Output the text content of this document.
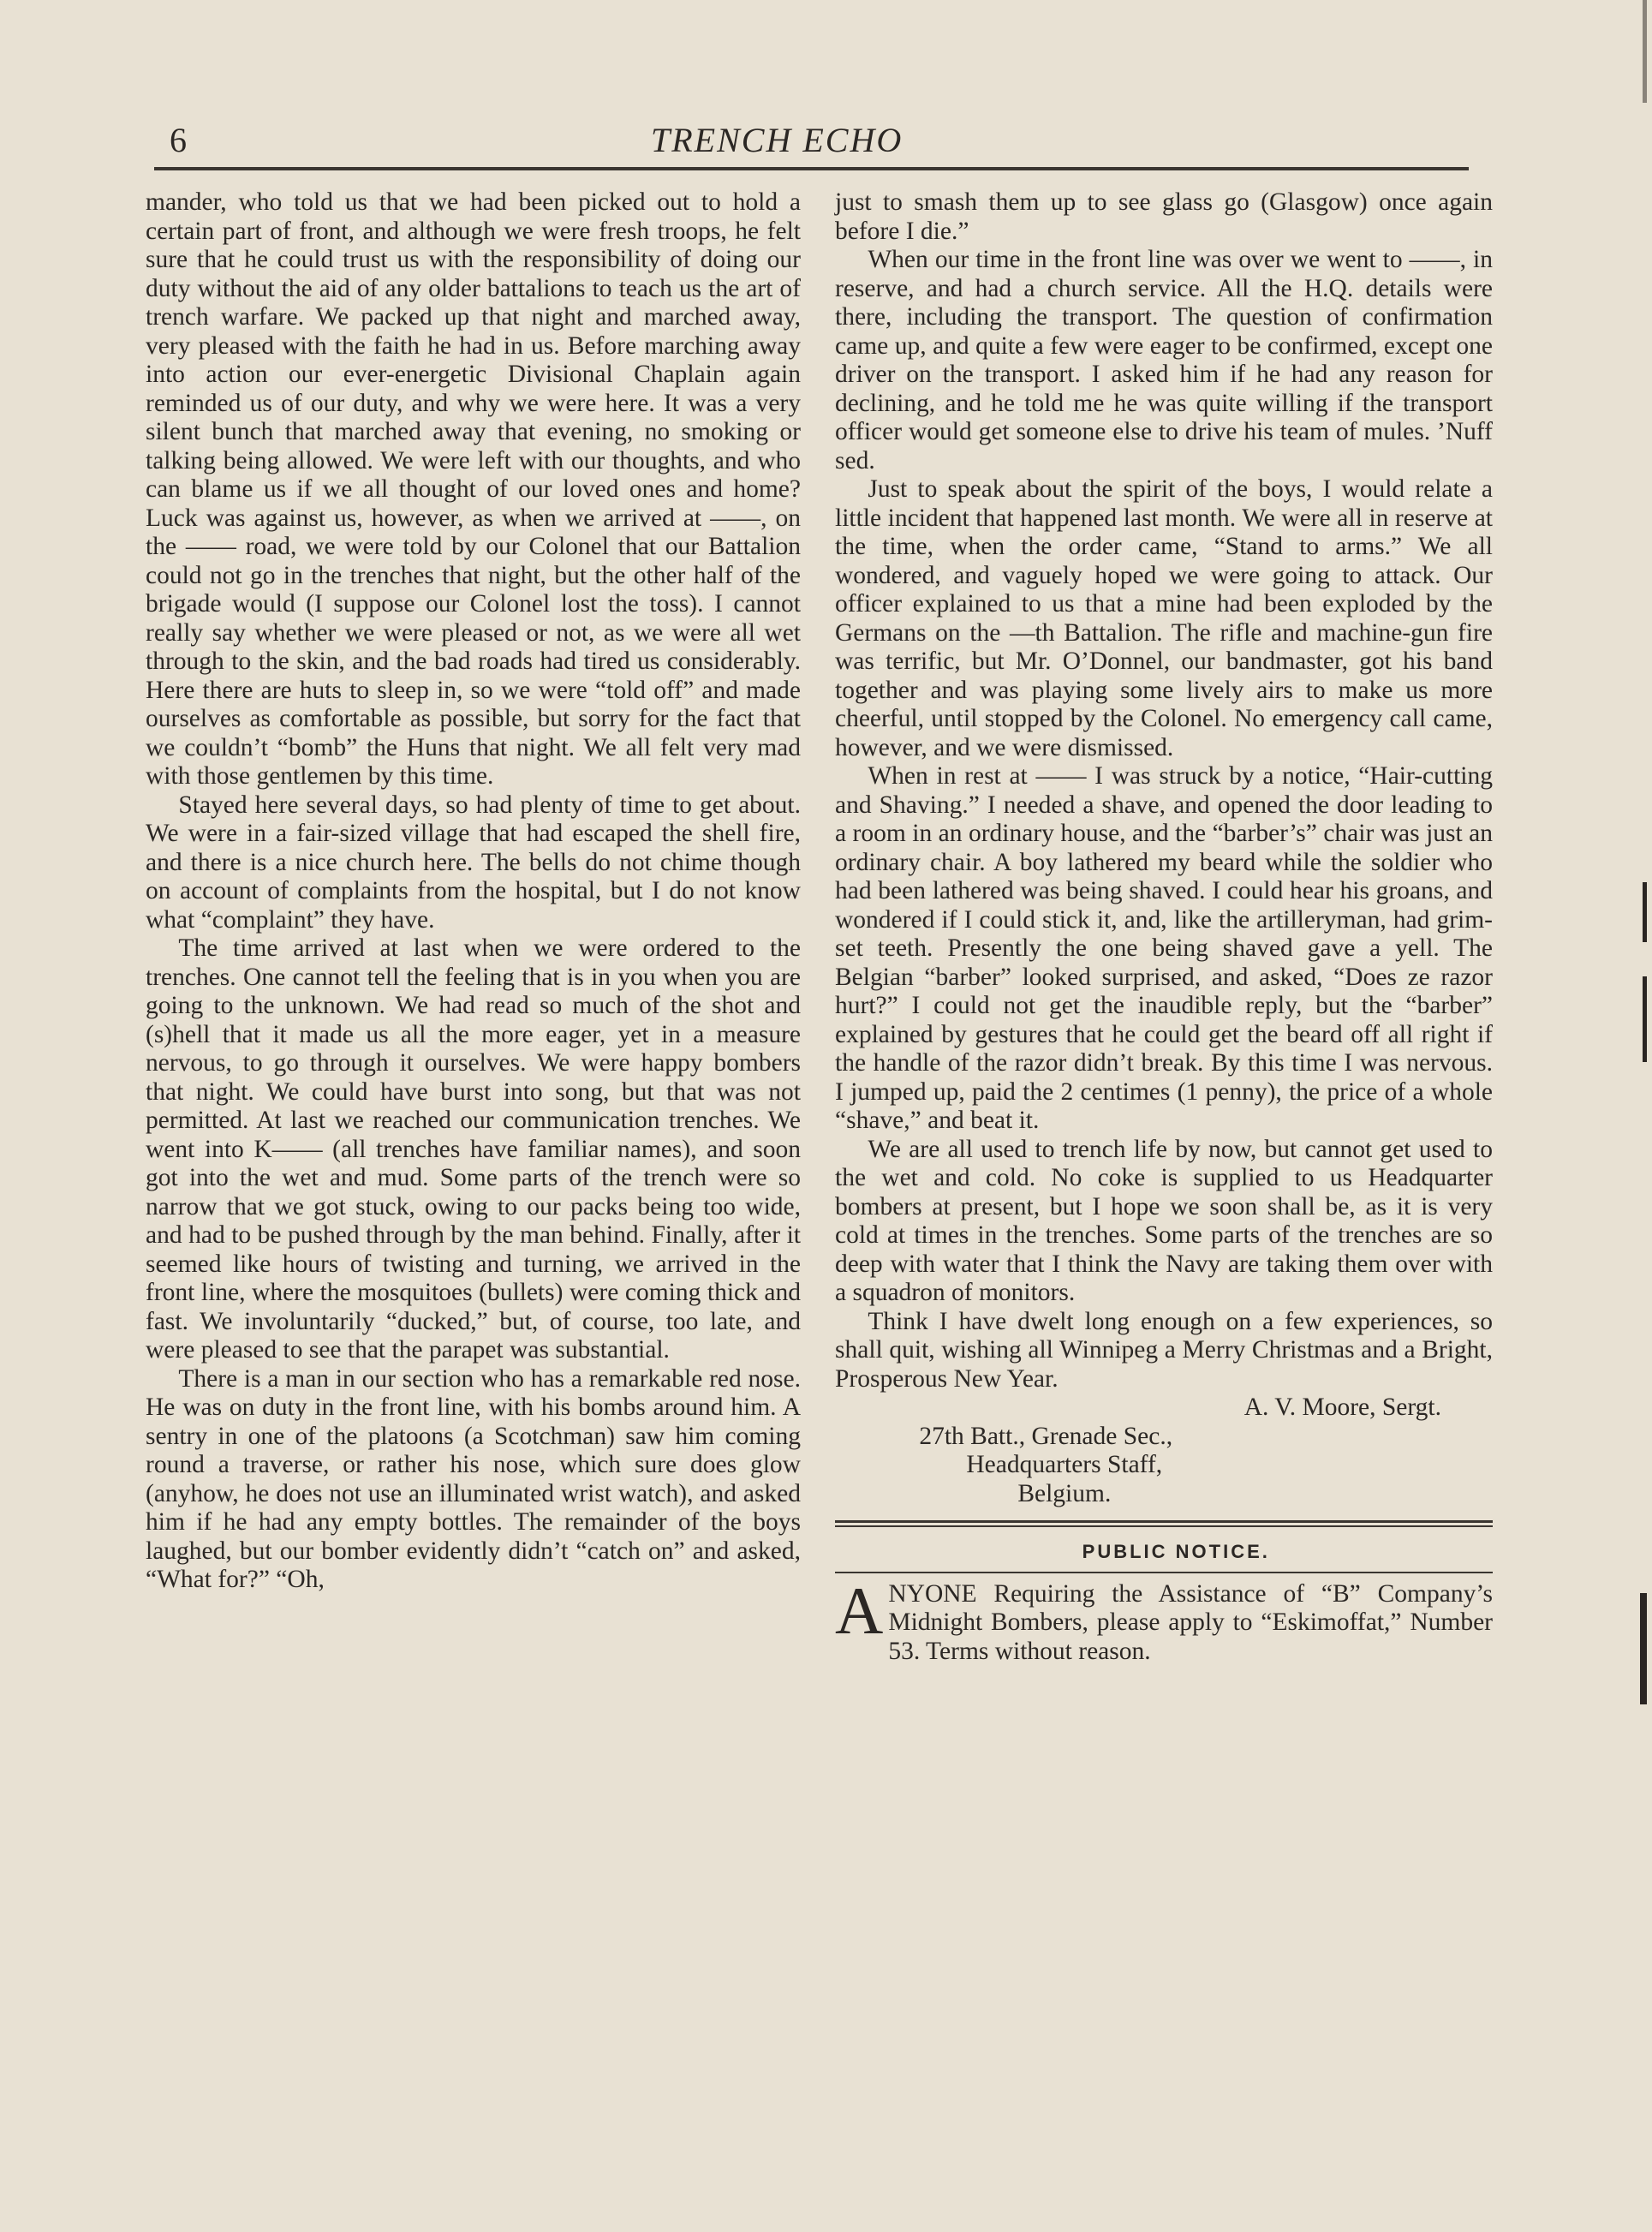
6	TRENCH ECHO

mander, who told us that we had been picked out to hold a certain part of front, and although we were fresh troops, he felt sure that he could trust us with the responsibility of doing our duty without the aid of any older battalions to teach us the art of trench warfare. We packed up that night and marched away, very pleased with the faith he had in us. Before marching away into action our ever-energetic Divisional Chaplain again reminded us of our duty, and why we were here. It was a very silent bunch that marched away that evening, no smoking or talking being allowed. We were left with our thoughts, and who can blame us if we all thought of our loved ones and home? Luck was against us, however, as when we arrived at ——, on the —— road, we were told by our Colonel that our Battalion could not go in the trenches that night, but the other half of the brigade would (I suppose our Colonel lost the toss). I cannot really say whether we were pleased or not, as we were all wet through to the skin, and the bad roads had tired us considerably. Here there are huts to sleep in, so we were “told off” and made ourselves as comfortable as possible, but sorry for the fact that we couldn’t “bomb” the Huns that night. We all felt very mad with those gentlemen by this time.

Stayed here several days, so had plenty of time to get about. We were in a fair-sized village that had escaped the shell fire, and there is a nice church here. The bells do not chime though on account of complaints from the hospital, but I do not know what “complaint” they have.

The time arrived at last when we were ordered to the trenches. One cannot tell the feeling that is in you when you are going to the unknown. We had read so much of the shot and (s)hell that it made us all the more eager, yet in a measure nervous, to go through it ourselves. We were happy bombers that night. We could have burst into song, but that was not permitted. At last we reached our communication trenches. We went into K—— (all trenches have familiar names), and soon got into the wet and mud. Some parts of the trench were so narrow that we got stuck, owing to our packs being too wide, and had to be pushed through by the man behind. Finally, after it seemed like hours of twisting and turning, we arrived in the front line, where the mosquitoes (bullets) were coming thick and fast. We involuntarily “ducked,” but, of course, too late, and were pleased to see that the parapet was substantial.

There is a man in our section who has a remarkable red nose. He was on duty in the front line, with his bombs around him. A sentry in one of the platoons (a Scotchman) saw him coming round a traverse, or rather his nose, which sure does glow (anyhow, he does not use an illuminated wrist watch), and asked him if he had any empty bottles. The remainder of the boys laughed, but our bomber evidently didn’t “catch on” and asked, “What for?” “Oh,

just to smash them up to see glass go (Glasgow) once again before I die.”

When our time in the front line was over we went to ——, in reserve, and had a church service. All the H.Q. details were there, including the transport. The question of confirmation came up, and quite a few were eager to be confirmed, except one driver on the transport. I asked him if he had any reason for declining, and he told me he was quite willing if the transport officer would get someone else to drive his team of mules. ’Nuff sed.

Just to speak about the spirit of the boys, I would relate a little incident that happened last month. We were all in reserve at the time, when the order came, “Stand to arms.” We all wondered, and vaguely hoped we were going to attack. Our officer explained to us that a mine had been exploded by the Germans on the —th Battalion. The rifle and machine-gun fire was terrific, but Mr. O’Donnel, our bandmaster, got his band together and was playing some lively airs to make us more cheerful, until stopped by the Colonel. No emergency call came, however, and we were dismissed.

When in rest at —— I was struck by a notice, “Hair-cutting and Shaving.” I needed a shave, and opened the door leading to a room in an ordinary house, and the “barber’s” chair was just an ordinary chair. A boy lathered my beard while the soldier who had been lathered was being shaved. I could hear his groans, and wondered if I could stick it, and, like the artilleryman, had grim-set teeth. Presently the one being shaved gave a yell. The Belgian “barber” looked surprised, and asked, “Does ze razor hurt?” I could not get the inaudible reply, but the “barber” explained by gestures that he could get the beard off all right if the handle of the razor didn’t break. By this time I was nervous. I jumped up, paid the 2 centimes (1 penny), the price of a whole “shave,” and beat it.

We are all used to trench life by now, but cannot get used to the wet and cold. No coke is supplied to us Headquarter bombers at present, but I hope we soon shall be, as it is very cold at times in the trenches. Some parts of the trenches are so deep with water that I think the Navy are taking them over with a squadron of monitors.

Think I have dwelt long enough on a few experiences, so shall quit, wishing all Winnipeg a Merry Christmas and a Bright, Prosperous New Year.

A. V. Moore, Sergt.

27th Batt., Grenade Sec.,

Headquarters Staff,

Belgium.

PUBLIC NOTICE.

ANYONE Requiring the Assistance of “B” Company’s Midnight Bombers, please apply to “Eskimoffat,” Number 53. Terms without reason.
